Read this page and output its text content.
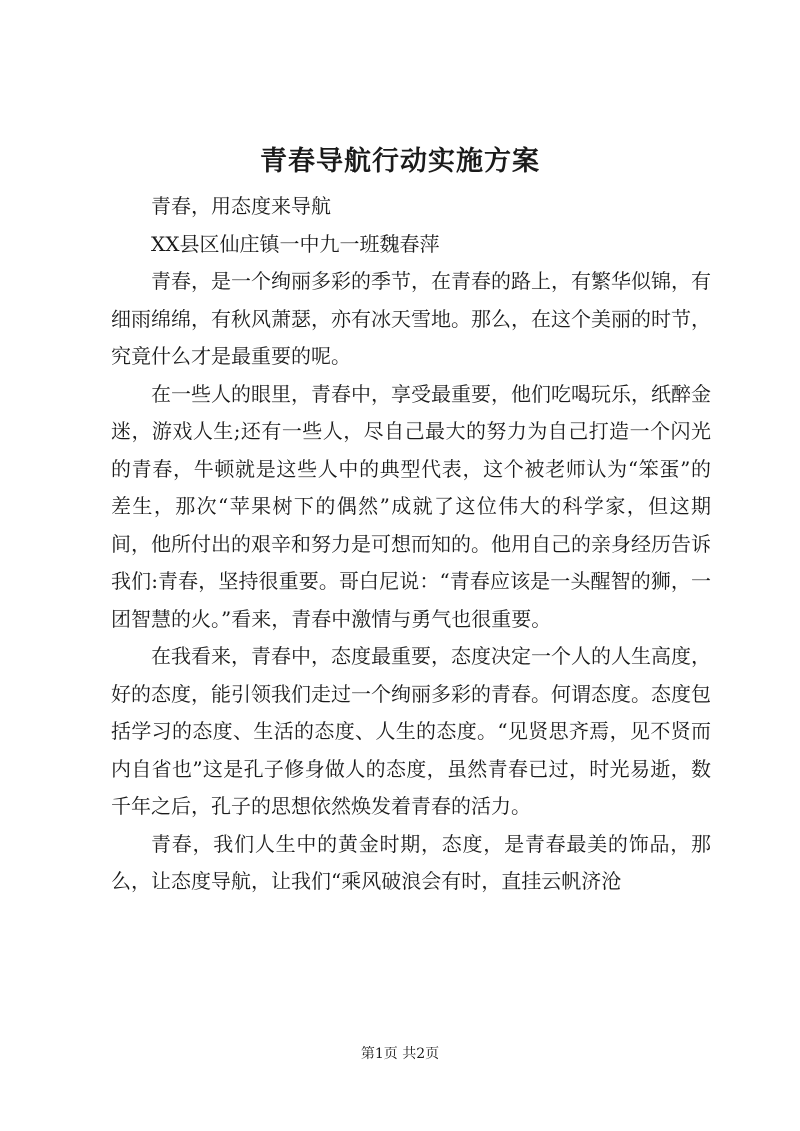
青春导航行动实施方案

青春，用态度来导航

XX县区仙庄镇一中九一班魏春萍

青春，是一个绚丽多彩的季节，在青春的路上，有繁华似锦，有细雨绵绵，有秋风萧瑟，亦有冰天雪地。那么，在这个美丽的时节，究竟什么才是最重要的呢。

在一些人的眼里，青春中，享受最重要，他们吃喝玩乐，纸醉金迷，游戏人生;还有一些人，尽自己最大的努力为自己打造一个闪光的青春，牛顿就是这些人中的典型代表，这个被老师认为“笨蛋”的差生，那次“苹果树下的偶然”成就了这位伟大的科学家，但这期间，他所付出的艰辛和努力是可想而知的。他用自己的亲身经历告诉我们:青春，坚持很重要。哥白尼说：“青春应该是一头醒智的狮，一团智慧的火。”看来，青春中激情与勇气也很重要。

在我看来，青春中，态度最重要，态度决定一个人的人生高度，好的态度，能引领我们走过一个绚丽多彩的青春。何谓态度。态度包括学习的态度、生活的态度、人生的态度。“见贤思齐焉，见不贤而内自省也”这是孔子修身做人的态度，虽然青春已过，时光易逝，数千年之后，孔子的思想依然焕发着青春的活力。

青春，我们人生中的黄金时期，态度，是青春最美的饰品，那么，让态度导航，让我们“乘风破浪会有时，直挂云帆济沧

第1页 共2页
